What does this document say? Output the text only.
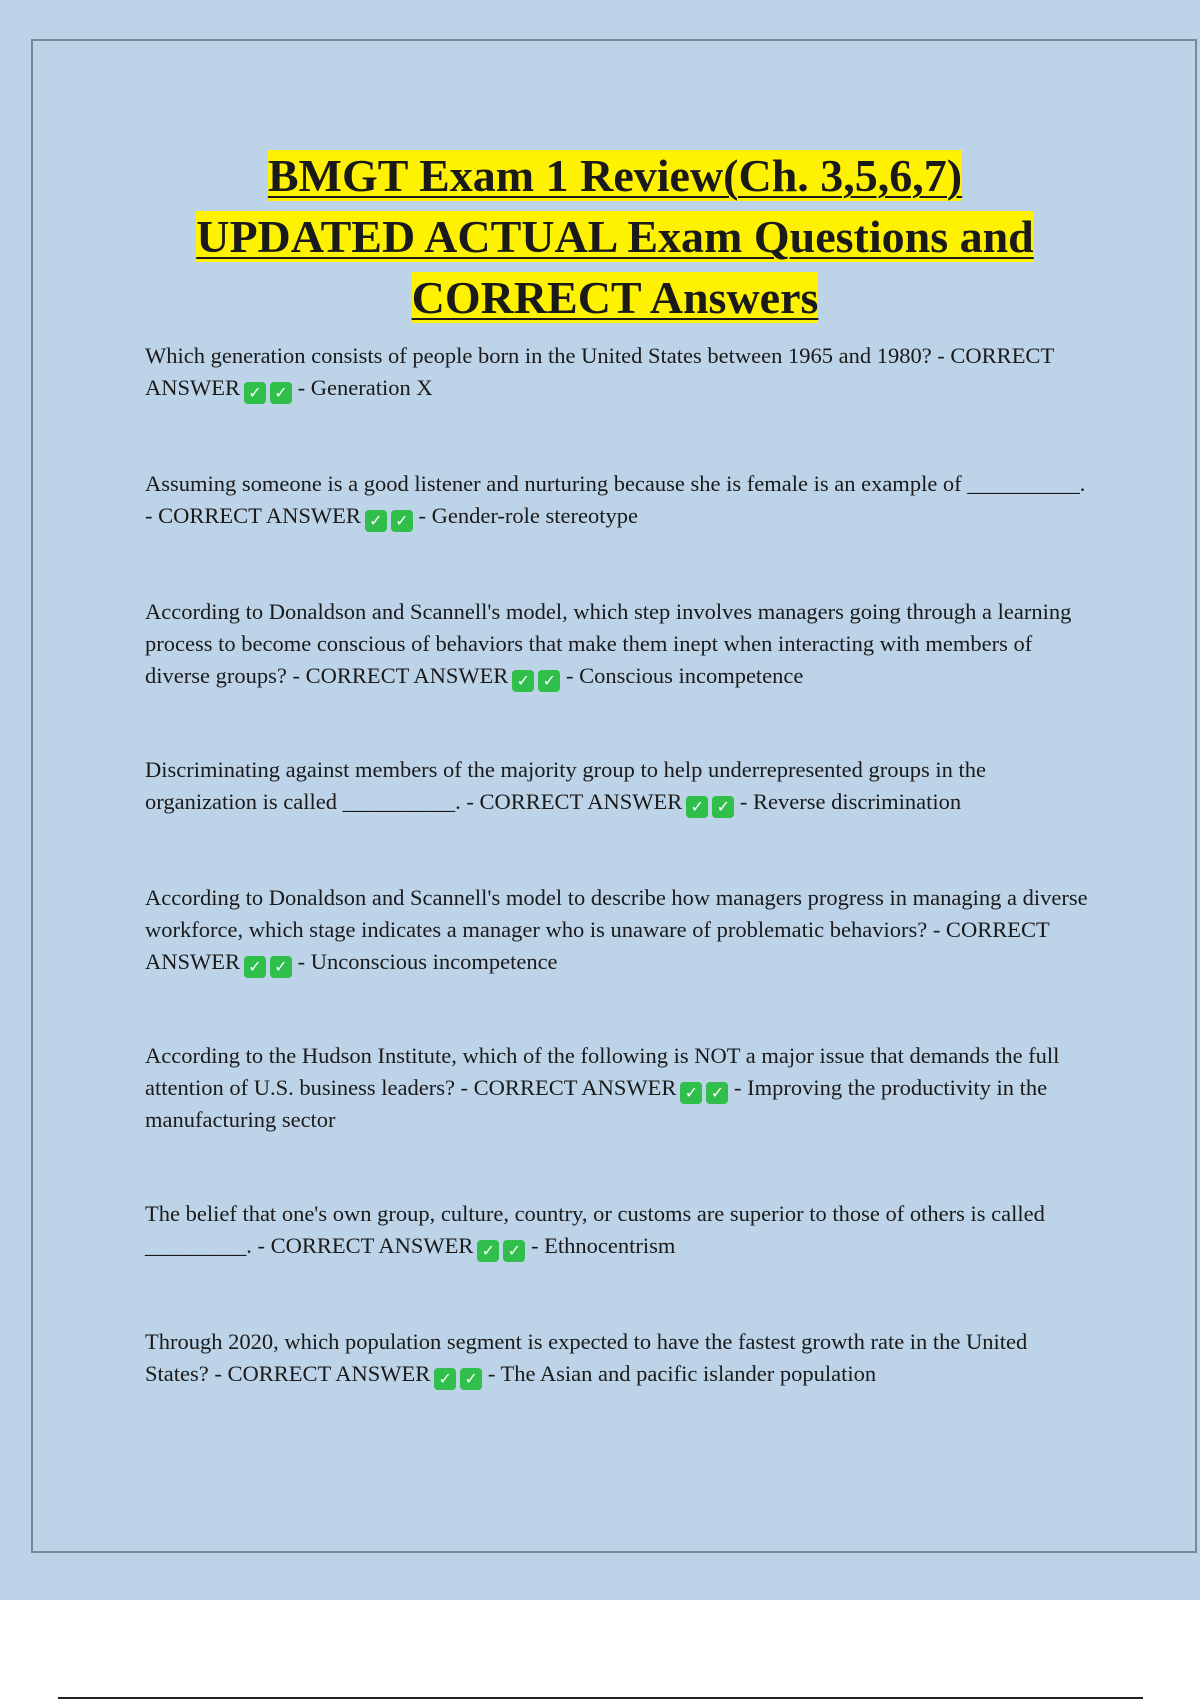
BMGT Exam 1 Review(Ch. 3,5,6,7)
UPDATED ACTUAL Exam Questions and
CORRECT Answers

Which generation consists of people born in the United States between 1965 and 1980? - CORRECT ANSWER ✓ ✓ - Generation X

Assuming someone is a good listener and nurturing because she is female is an example of __________. - CORRECT ANSWER ✓ ✓ - Gender-role stereotype

According to Donaldson and Scannell's model, which step involves managers going through a learning process to become conscious of behaviors that make them inept when interacting with members of diverse groups? - CORRECT ANSWER ✓ ✓ - Conscious incompetence

Discriminating against members of the majority group to help underrepresented groups in the organization is called __________. - CORRECT ANSWER ✓ ✓ - Reverse discrimination

According to Donaldson and Scannell's model to describe how managers progress in managing a diverse workforce, which stage indicates a manager who is unaware of problematic behaviors? - CORRECT ANSWER ✓ ✓ - Unconscious incompetence

According to the Hudson Institute, which of the following is NOT a major issue that demands the full attention of U.S. business leaders? - CORRECT ANSWER ✓ ✓ - Improving the productivity in the manufacturing sector

The belief that one's own group, culture, country, or customs are superior to those of others is called _________. - CORRECT ANSWER ✓ ✓ - Ethnocentrism

Through 2020, which population segment is expected to have the fastest growth rate in the United States? - CORRECT ANSWER ✓ ✓ - The Asian and pacific islander population
